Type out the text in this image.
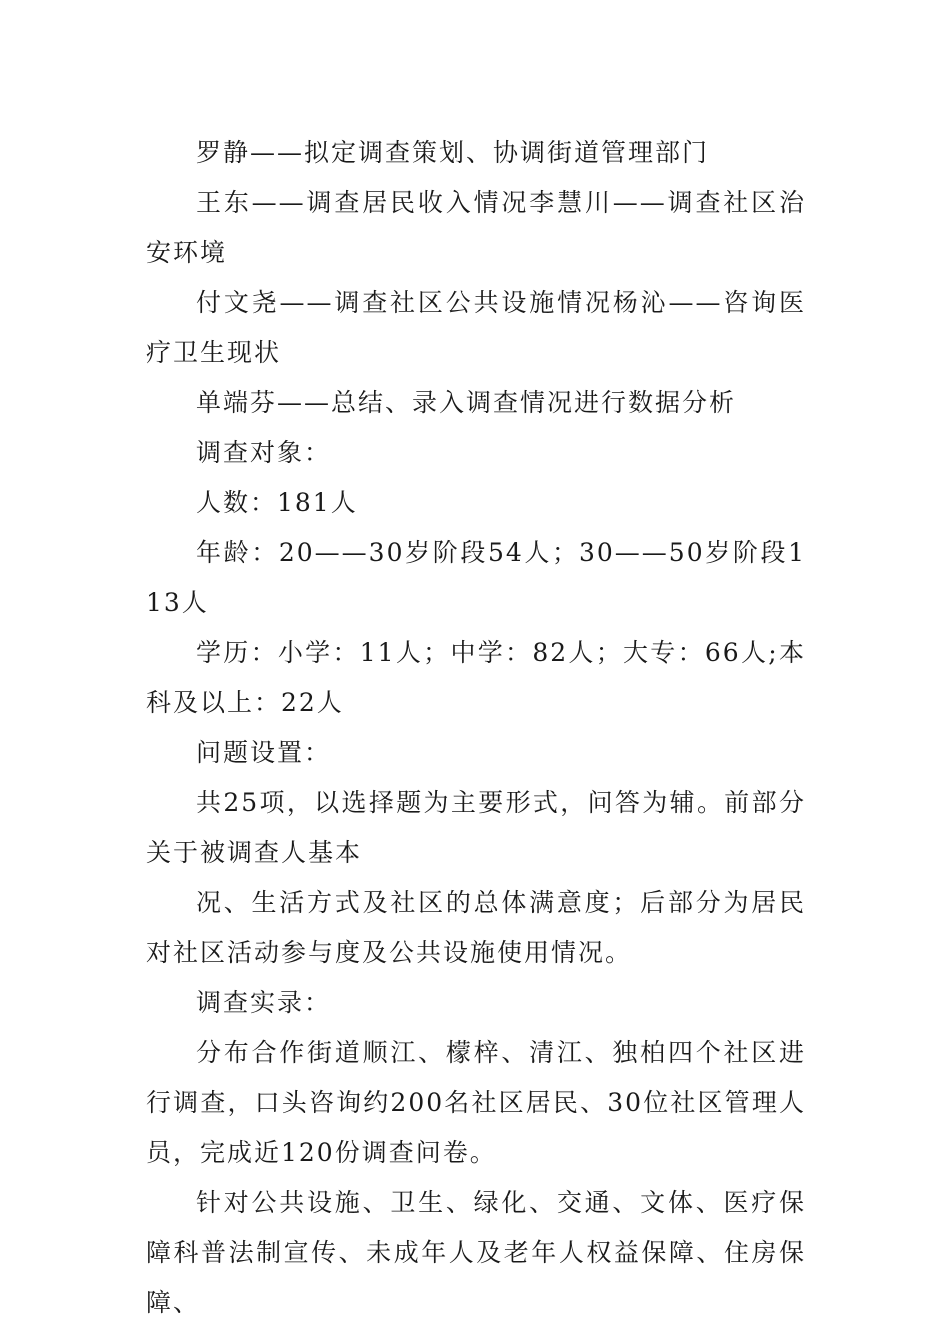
罗静——拟定调查策划、协调街道管理部门

王东——调查居民收入情况李慧川——调查社区治安环境

付文尧——调查社区公共设施情况杨沁——咨询医疗卫生现状

单端芬——总结、录入调查情况进行数据分析

调查对象：

人数：181人

年龄：20——30岁阶段54人；30——50岁阶段113人

学历：小学：11人；中学：82人；大专：66人;本科及以上：22人

问题设置：

共25项，以选择题为主要形式，问答为辅。前部分关于被调查人基本

况、生活方式及社区的总体满意度；后部分为居民对社区活动参与度及公共设施使用情况。

调查实录：

分布合作街道顺江、檬梓、清江、独柏四个社区进行调查，口头咨询约200名社区居民、30位社区管理人员，完成近120份调查问卷。

针对公共设施、卫生、绿化、交通、文体、医疗保障科普法制宣传、未成年人及老年人权益保障、住房保障、
